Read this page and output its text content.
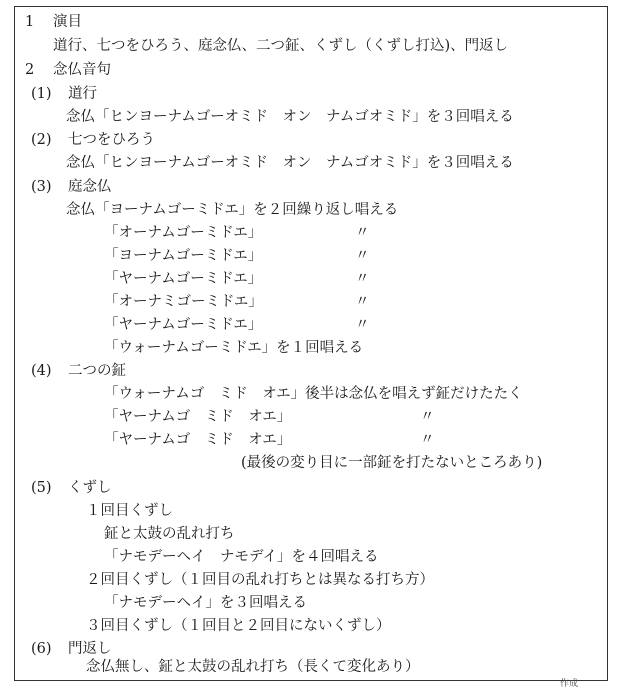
1 演目

道行、七つをひろう、庭念仏、二つ鉦、くずし（くずし打込)、門返し

2 念仏音句

(1) 道行

念仏「ヒンヨーナムゴーオミド　オン　ナムゴオミド」を３回唱える

(2) 七つをひろう

念仏「ヒンヨーナムゴーオミド　オン　ナムゴオミド」を３回唱える

(3) 庭念仏

念仏「ヨーナムゴーミドエ」を２回繰り返し唱える

「オーナムゴーミドエ」	〃

「ヨーナムゴーミドエ」	〃

「ヤーナムゴーミドエ」	〃

「オーナミゴーミドエ」	〃

「ヤーナムゴーミドエ」	〃

「ウォーナムゴーミドエ」を１回唱える

(4) 二つの鉦

「ウォーナムゴ　ミド　オエ」後半は念仏を唱えず鉦だけたたく

「ヤーナムゴ　ミド　オエ」	〃

「ヤーナムゴ　ミド　オエ」	〃

(最後の変り目に一部鉦を打たないところあり)

(5) くずし

１回目くずし

鉦と太鼓の乱れ打ち

「ナモデーヘイ　ナモデイ」を４回唱える

２回目くずし（１回目の乱れ打ちとは異なる打ち方）

「ナモデーヘイ」を３回唱える

３回目くずし（１回目と２回目にないくずし）

(6) 門返し

念仏無し、鉦と太鼓の乱れ打ち（長くて変化あり）

作成
